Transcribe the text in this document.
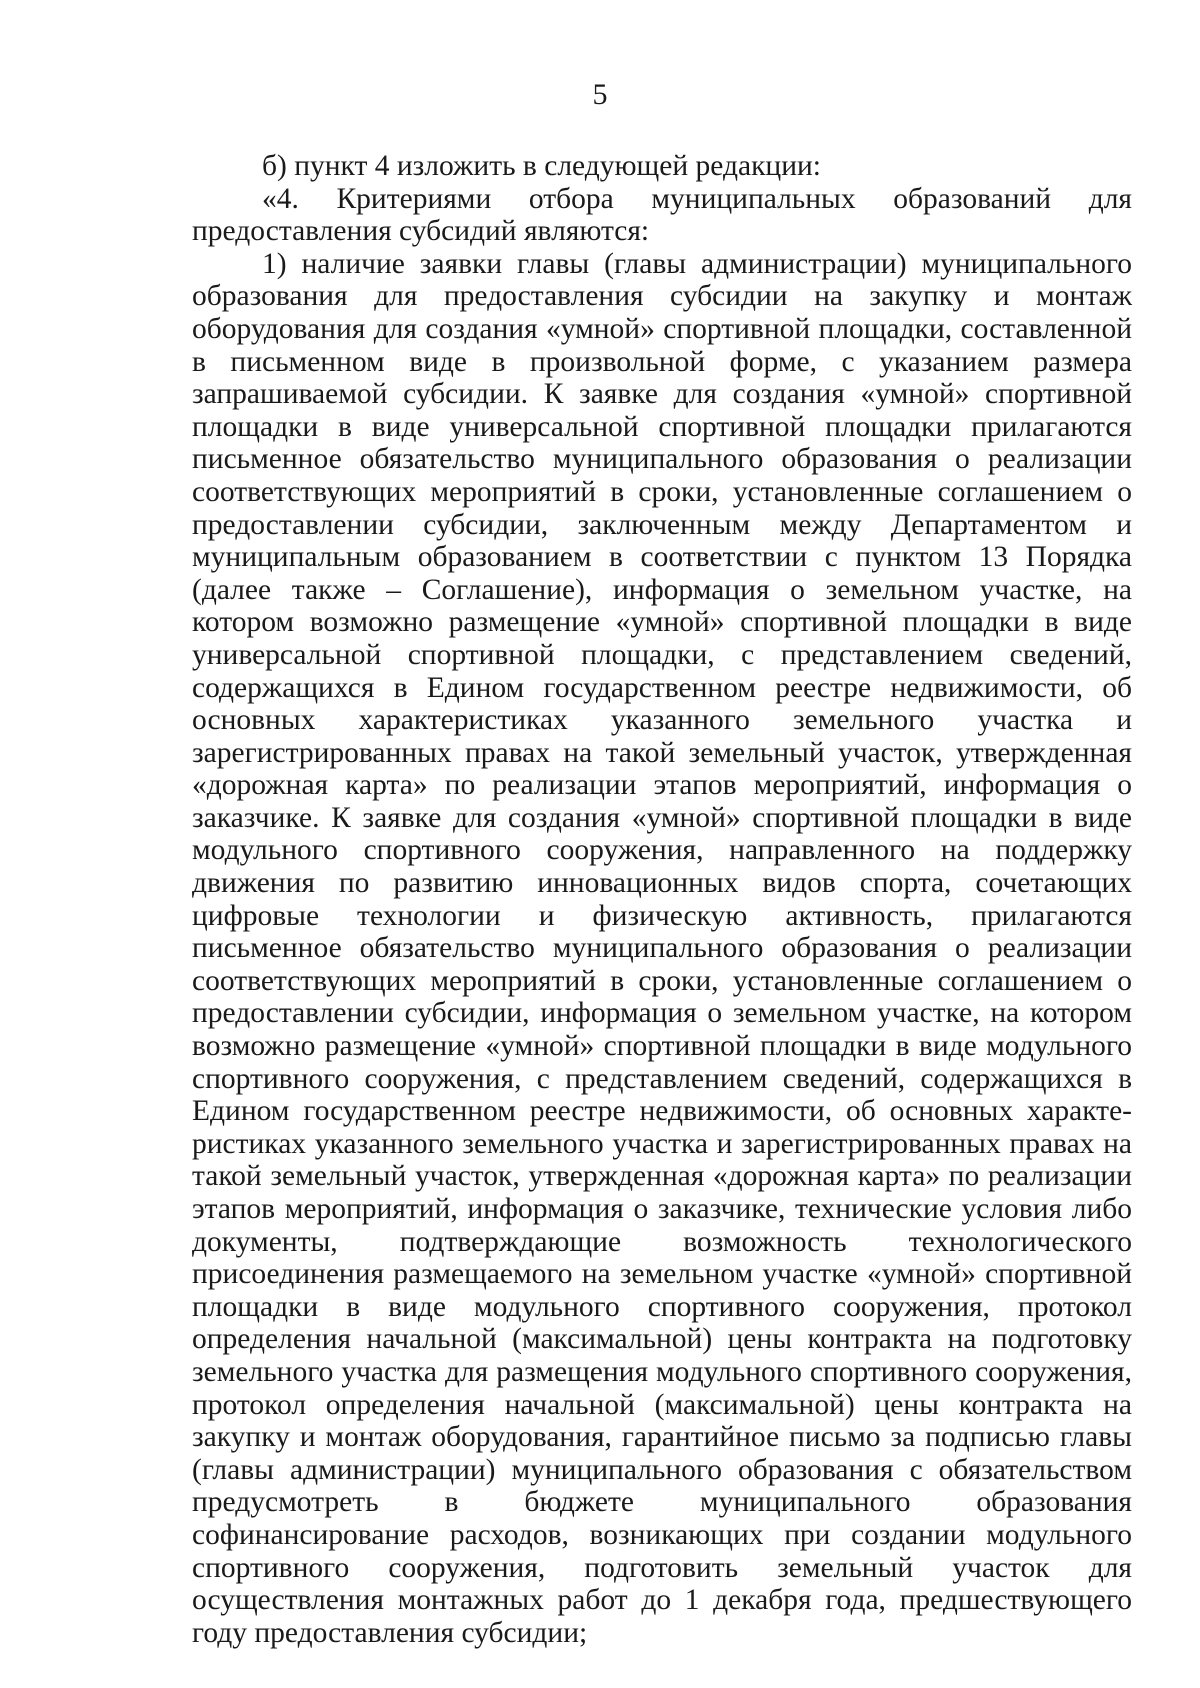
5

б) пункт 4 изложить в следующей редакции:

«4. Критериями отбора муниципальных образований для предоставления субсидий являются:

1) наличие заявки главы (главы администрации) муниципального образования для предоставления субсидии на закупку и монтаж оборудования для создания «умной» спортивной площадки, составленной в письменном виде в произвольной форме, с указанием размера запрашиваемой субсидии. К заявке для создания «умной» спортивной площадки в виде универсальной спортивной площадки прилагаются письменное обязательство муниципального образования о реализации соответствующих мероприятий в сроки, установленные соглашением о предоставлении субсидии, заключенным между Департаментом и муниципальным образованием в соответствии с пунктом 13 Порядка (далее также – Соглашение), информация о земельном участке, на котором возможно размещение «умной» спортивной площадки в виде универсальной спортивной площадки, с представлением сведений, содержащихся в Едином государственном реестре недвижимости, об основных характеристиках указанного земельного участка и зарегистрированных правах на такой земельный участок, утвержденная «дорожная карта» по реализации этапов мероприятий, информация о заказчике. К заявке для создания «умной» спортивной площадки в виде модульного спортивного сооружения, направленного на поддержку движения по развитию инновационных видов спорта, сочетающих цифровые технологии и физическую активность, прилагаются письменное обязательство муниципального образования о реализации соответствующих мероприятий в сроки, установленные соглашением о предоставлении субсидии, информация о земельном участке, на котором возможно размещение «умной» спортивной площадки в виде модульного спортивного сооружения, с представлением сведений, содержащихся в Едином государственном реестре недвижимости, об основных характеристиках указанного земельного участка и зарегистрированных правах на такой земельный участок, утвержденная «дорожная карта» по реализации этапов мероприятий, информация о заказчике, технические условия либо документы, подтверждающие возможность технологического присоединения размещаемого на земельном участке «умной» спортивной площадки в виде модульного спортивного сооружения, протокол определения начальной (максимальной) цены контракта на подготовку земельного участка для размещения модульного спортивного сооружения, протокол определения начальной (максимальной) цены контракта на закупку и монтаж оборудования, гарантийное письмо за подписью главы (главы администрации) муниципального образования с обязательством предусмотреть в бюджете муниципального образования софинансирование расходов, возникающих при создании модульного спортивного сооружения, подготовить земельный участок для осуществления монтажных работ до 1 декабря года, предшествующего году предоставления субсидии;
